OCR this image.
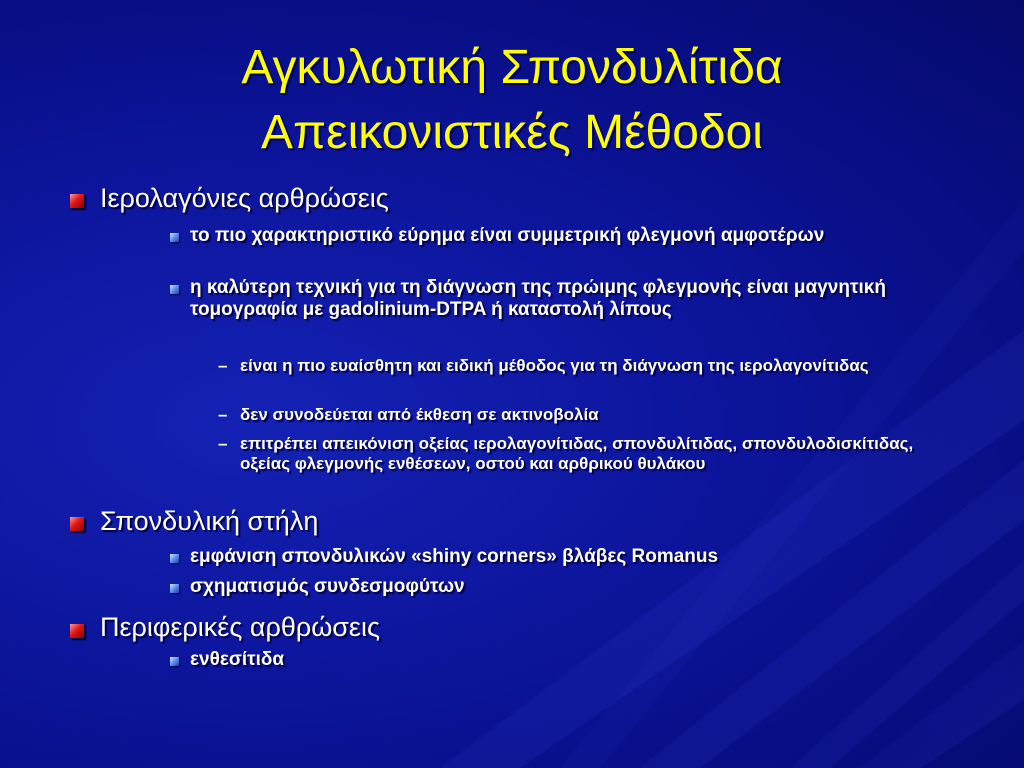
Αγκυλωτική Σπονδυλίτιδα
Απεικονιστικές Μέθοδοι
Ιερολαγόνιες αρθρώσεις
το πιο χαρακτηριστικό εύρημα είναι συμμετρική φλεγμονή αμφοτέρων
η καλύτερη τεχνική για τη διάγνωση της πρώιμης φλεγμονής είναι μαγνητική τομογραφία με gadolinium-DTPA ή καταστολή λίπους
– είναι η πιο ευαίσθητη και ειδική μέθοδος για τη διάγνωση της ιερολαγονίτιδας
– δεν συνοδεύεται από έκθεση σε ακτινοβολία
– επιτρέπει απεικόνιση οξείας ιερολαγονίτιδας, σπονδυλίτιδας, σπονδυλοδισκίτιδας, οξείας φλεγμονής ενθέσεων, οστού και αρθρικού θυλάκου
Σπονδυλική στήλη
εμφάνιση σπονδυλικών «shiny corners» βλάβες Romanus
σχηματισμός συνδεσμοφύτων
Περιφερικές αρθρώσεις
ενθεσίτιδα
